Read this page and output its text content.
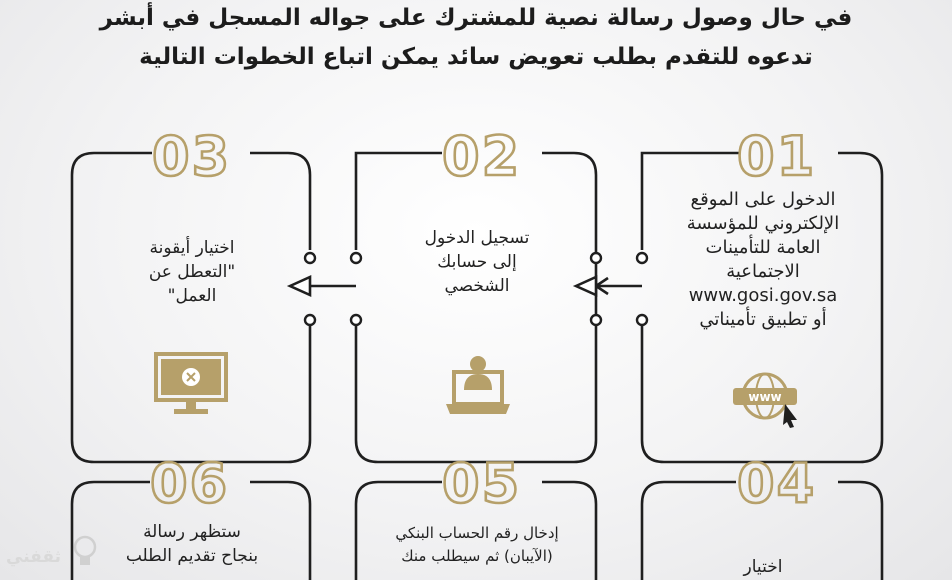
في حال وصول رسالة نصية للمشترك على جواله المسجل في أبشر
تدعوه للتقدم بطلب تعويض سائد يمكن اتباع الخطوات التالية
www
01
02
03
04
05
06
الدخول على الموقع
الإلكتروني للمؤسسة
العامة للتأمينات
الاجتماعية
www.gosi.gov.sa
أو تطبيق تأميناتي
تسجيل الدخول
إلى حسابك
الشخصي
اختيار أيقونة
"التعطل عن
العمل"
اختيار
إدخال رقم الحساب البنكي
(الآيبان) ثم سيطلب منك
ستظهر رسالة
بنجاح تقديم الطلب
ثقفني
